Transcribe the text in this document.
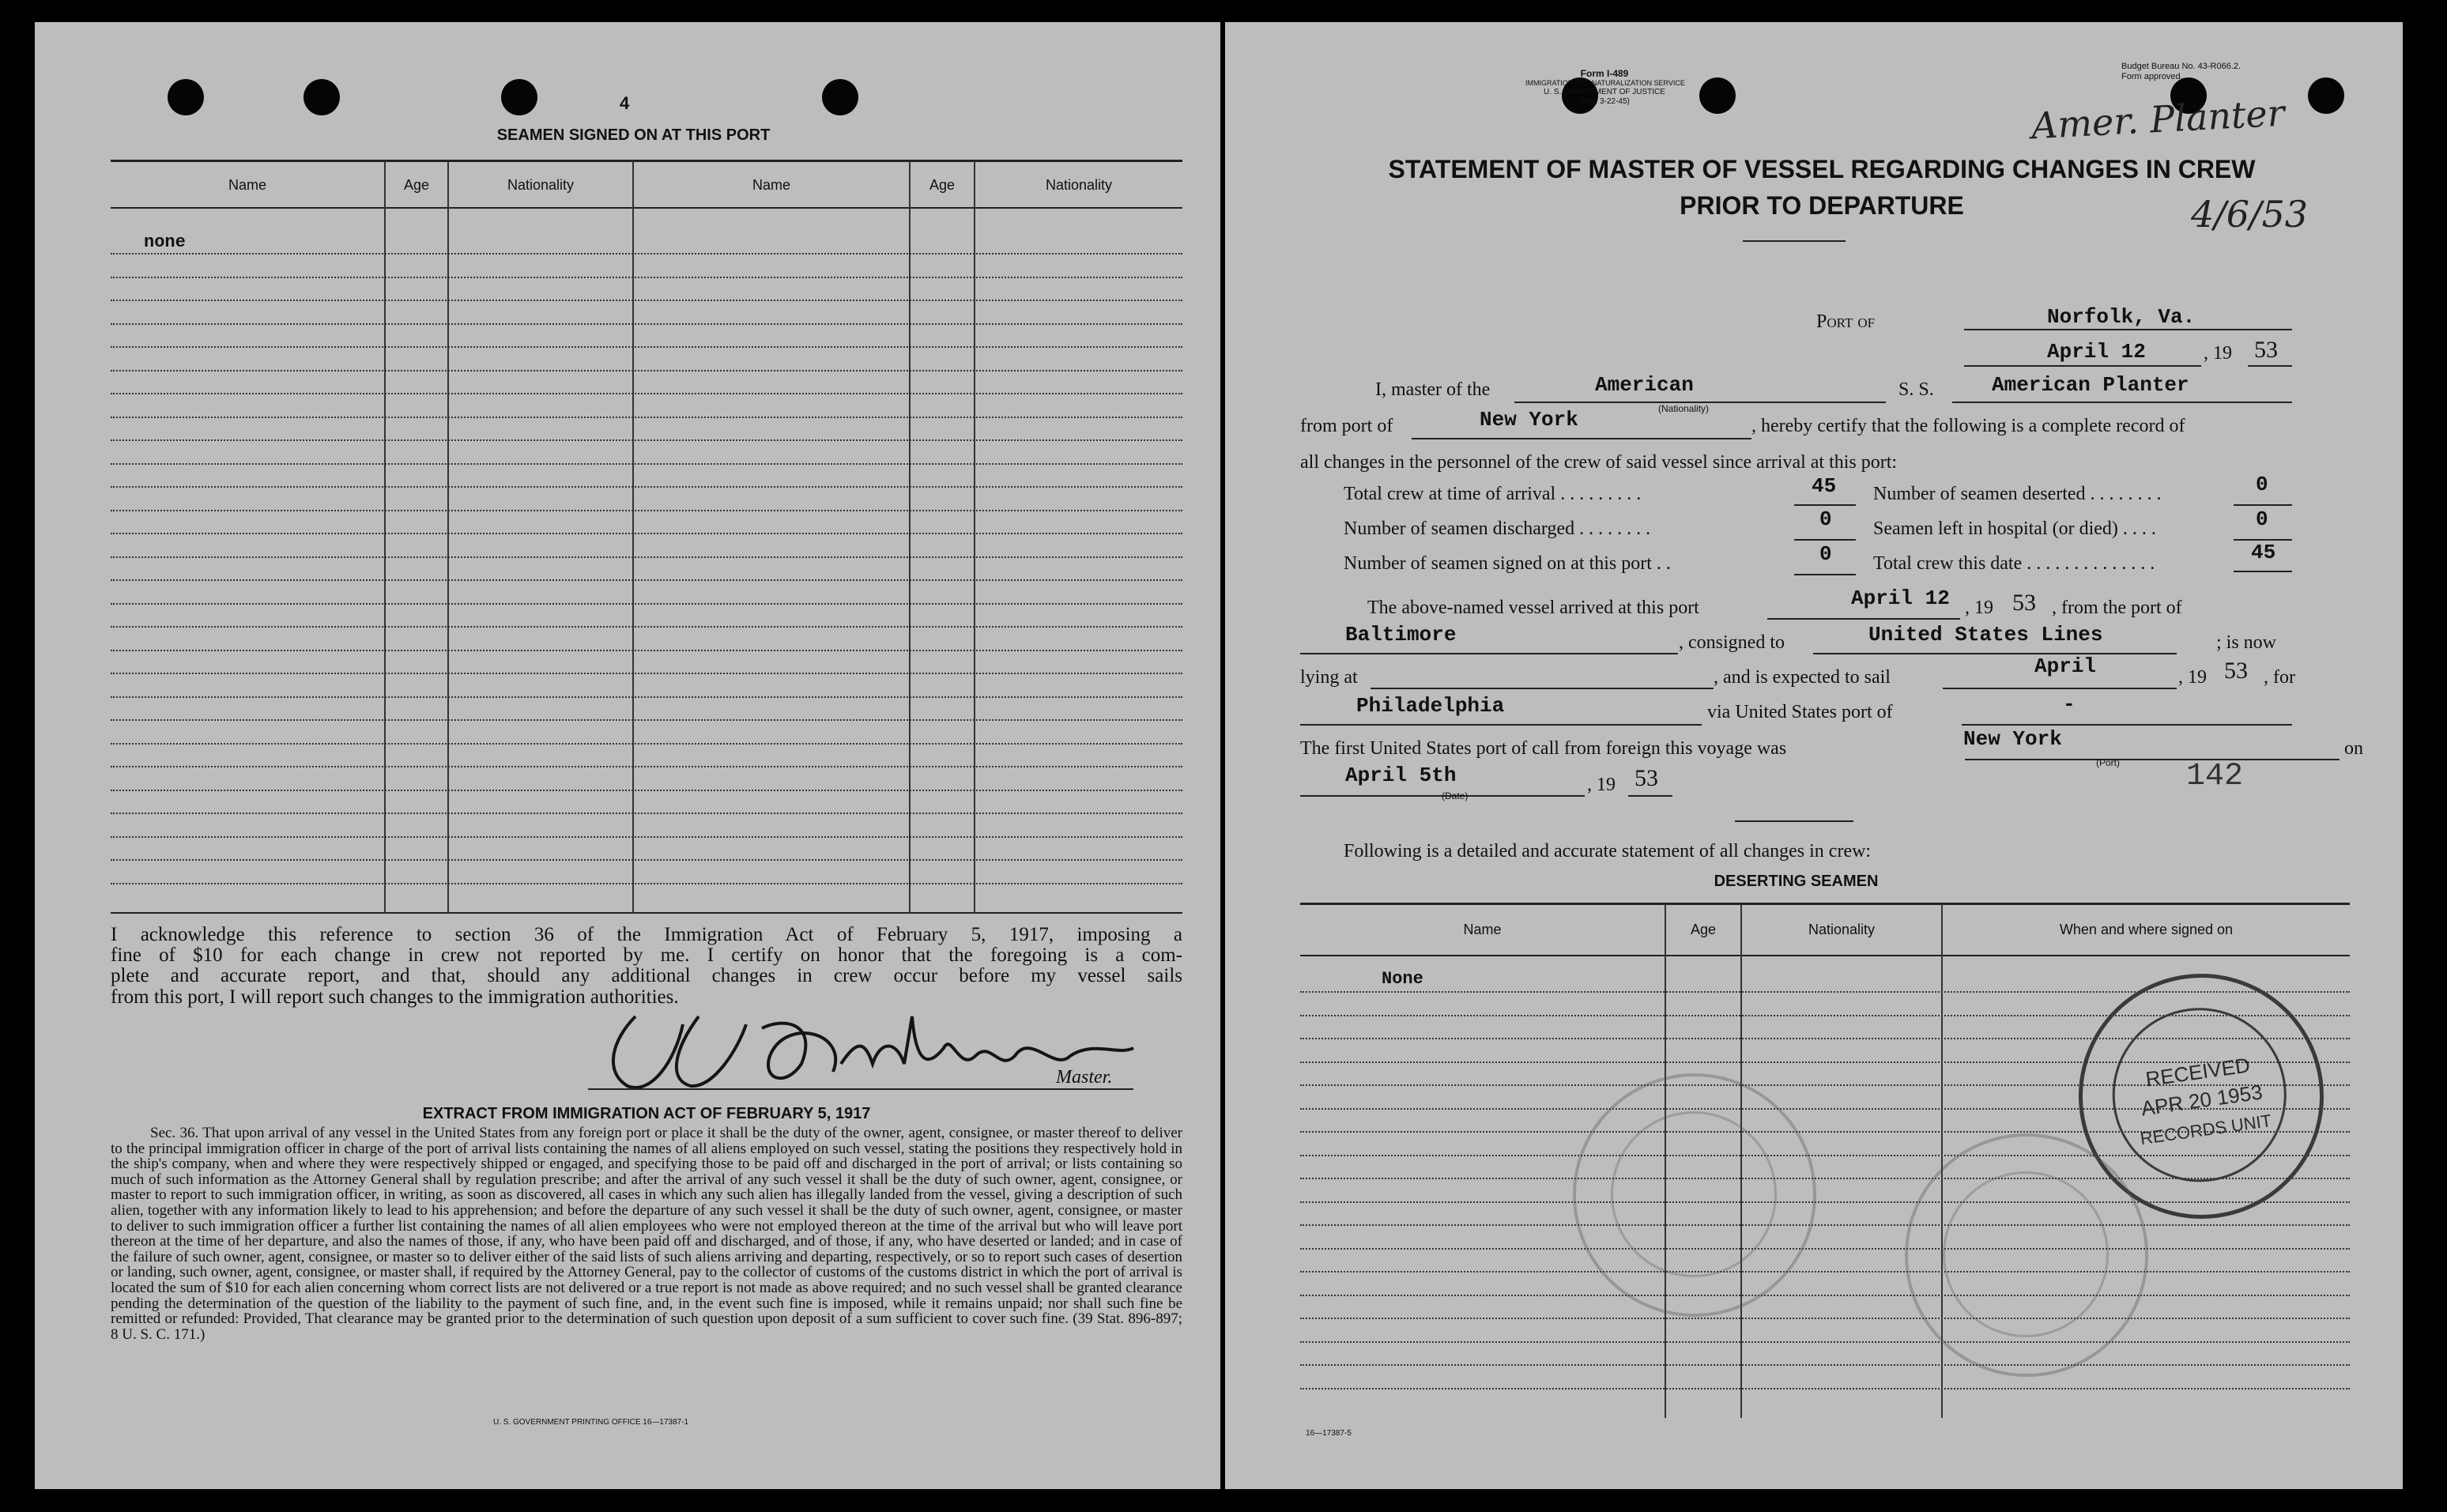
4
SEAMEN SIGNED ON AT THIS PORT
Name	Age	Nationality	Name	Age	Nationality
none
I acknowledge this reference to section 36 of the Immigration Act of February 5, 1917, imposing a
fine of $10 for each change in crew not reported by me. I certify on honor that the foregoing is a com-
plete and accurate report, and that, should any additional changes in crew occur before my vessel sails
from this port, I will report such changes to the immigration authorities.
Master.
EXTRACT FROM IMMIGRATION ACT OF FEBRUARY 5, 1917
Sec. 36. That upon arrival of any vessel in the United States from any foreign port or place it shall be the duty of the owner, agent, consignee, or master thereof to deliver to the principal immigration officer in charge of the port of arrival lists containing the names of all aliens employed on such vessel, stating the positions they respectively hold in the ship's company, when and where they were respectively shipped or engaged, and specifying those to be paid off and discharged in the port of arrival; or lists containing so much of such information as the Attorney General shall by regulation prescribe; and after the arrival of any such vessel it shall be the duty of such owner, agent, consignee, or master to report to such immigration officer, in writing, as soon as discovered, all cases in which any such alien has illegally landed from the vessel, giving a description of such alien, together with any information likely to lead to his apprehension; and before the departure of any such vessel it shall be the duty of such owner, agent, consignee, or master to deliver to such immigration officer a further list containing the names of all alien employees who were not employed thereon at the time of the arrival but who will leave port thereon at the time of her departure, and also the names of those, if any, who have been paid off and discharged, and of those, if any, who have deserted or landed; and in case of the failure of such owner, agent, consignee, or master so to deliver either of the said lists of such aliens arriving and departing, respectively, or so to report such cases of desertion or landing, such owner, agent, consignee, or master shall, if required by the Attorney General, pay to the collector of customs of the customs district in which the port of arrival is located the sum of $10 for each alien concerning whom correct lists are not delivered or a true report is not made as above required; and no such vessel shall be granted clearance pending the determination of the question of the liability to the payment of such fine, and, in the event such fine is imposed, while it remains unpaid; nor shall such fine be remitted or refunded: Provided, That clearance may be granted prior to the determination of such question upon deposit of a sum sufficient to cover such fine. (39 Stat. 896-897; 8 U. S. C. 171.)
U. S. GOVERNMENT PRINTING OFFICE 16—17387-1
Form I-489
IMMIGRATION AND NATURALIZATION SERVICE
U. S. DEPARTMENT OF JUSTICE
(Rev. 3-22-45)
Budget Bureau No. 43-R066.2.
Form approved.
Amer. Planter
4/6/53
STATEMENT OF MASTER OF VESSEL REGARDING CHANGES IN CREW
PRIOR TO DEPARTURE
Port of	Norfolk, Va.
April 12	, 19 53
I, master of the	American
(Nationality)
S. S.	American Planter
from port of	New York	, hereby certify that the following is a complete record of
all changes in the personnel of the crew of said vessel since arrival at this port:
Total crew at time of arrival . . . . . . . . .	45 Number of seamen deserted . . . . . . . .	0
Number of seamen discharged . . . . . . . .	0 Seamen left in hospital (or died) . . . .	0
Number of seamen signed on at this port . .	0 Total crew this date . . . . . . . . . . . . . .	45
The above-named vessel arrived at this port	April 12 , 19 53 , from the port of
Baltimore	, consigned to	United States Lines	; is now
lying at	, and is expected to sail	April	, 19 53 , for
Philadelphia	via United States port of	-
The first United States port of call from foreign this voyage was	New York
(Port)
on
April 5th
(Date)
, 19 53	142
Following is a detailed and accurate statement of all changes in crew:
DESERTING SEAMEN
Name	Age	Nationality	When and where signed on
None
RECEIVED
APR 20 1953
RECORDS UNIT
16—17387-5
